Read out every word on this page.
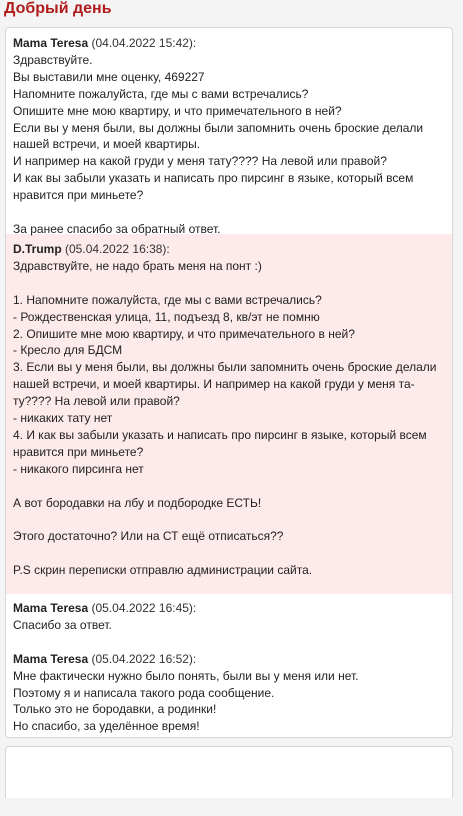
Добрый день
Mama Teresa (04.04.2022 15:42):
Здравствуйте.
Вы выставили мне оценку, 469227
Напомните пожалуйста, где мы с вами встречались?
Опишите мне мою квартиру, и что примечательного в ней?
Если вы у меня были, вы должны были запомнить очень броские делали
нашей встречи, и моей квартиры.
И например на какой груди у меня тату???? На левой или правой?
И как вы забыли указать и написать про пирсинг в языке, который всем
нравится при миньете?
За ранее спасибо за обратный ответ.
D.Trump (05.04.2022 16:38):
Здравствуйте, не надо брать меня на понт :)
1. Напомните пожалуйста, где мы с вами встречались?
- Рождественская улица, 11, подъезд 8, кв/эт не помню
2. Опишите мне мою квартиру, и что примечательного в ней?
- Кресло для БДСМ
3. Если вы у меня были, вы должны были запомнить очень броские делали
нашей встречи, и моей квартиры. И например на какой груди у меня та-
ту???? На левой или правой?
- никаких тату нет
4. И как вы забыли указать и написать про пирсинг в языке, который всем
нравится при миньете?
- никакого пирсинга нет
А вот бородавки на лбу и подбородке ЕСТЬ!
Этого достаточно? Или на СТ ещё отписаться??
P.S скрин переписки отправлю администрации сайта.
Mama Teresa (05.04.2022 16:45):
Спасибо за ответ.
Mama Teresa (05.04.2022 16:52):
Мне фактически нужно было понять, были вы у меня или нет.
Поэтому я и написала такого рода сообщение.
Только это не бородавки, а родинки!
Но спасибо, за уделённое время!
